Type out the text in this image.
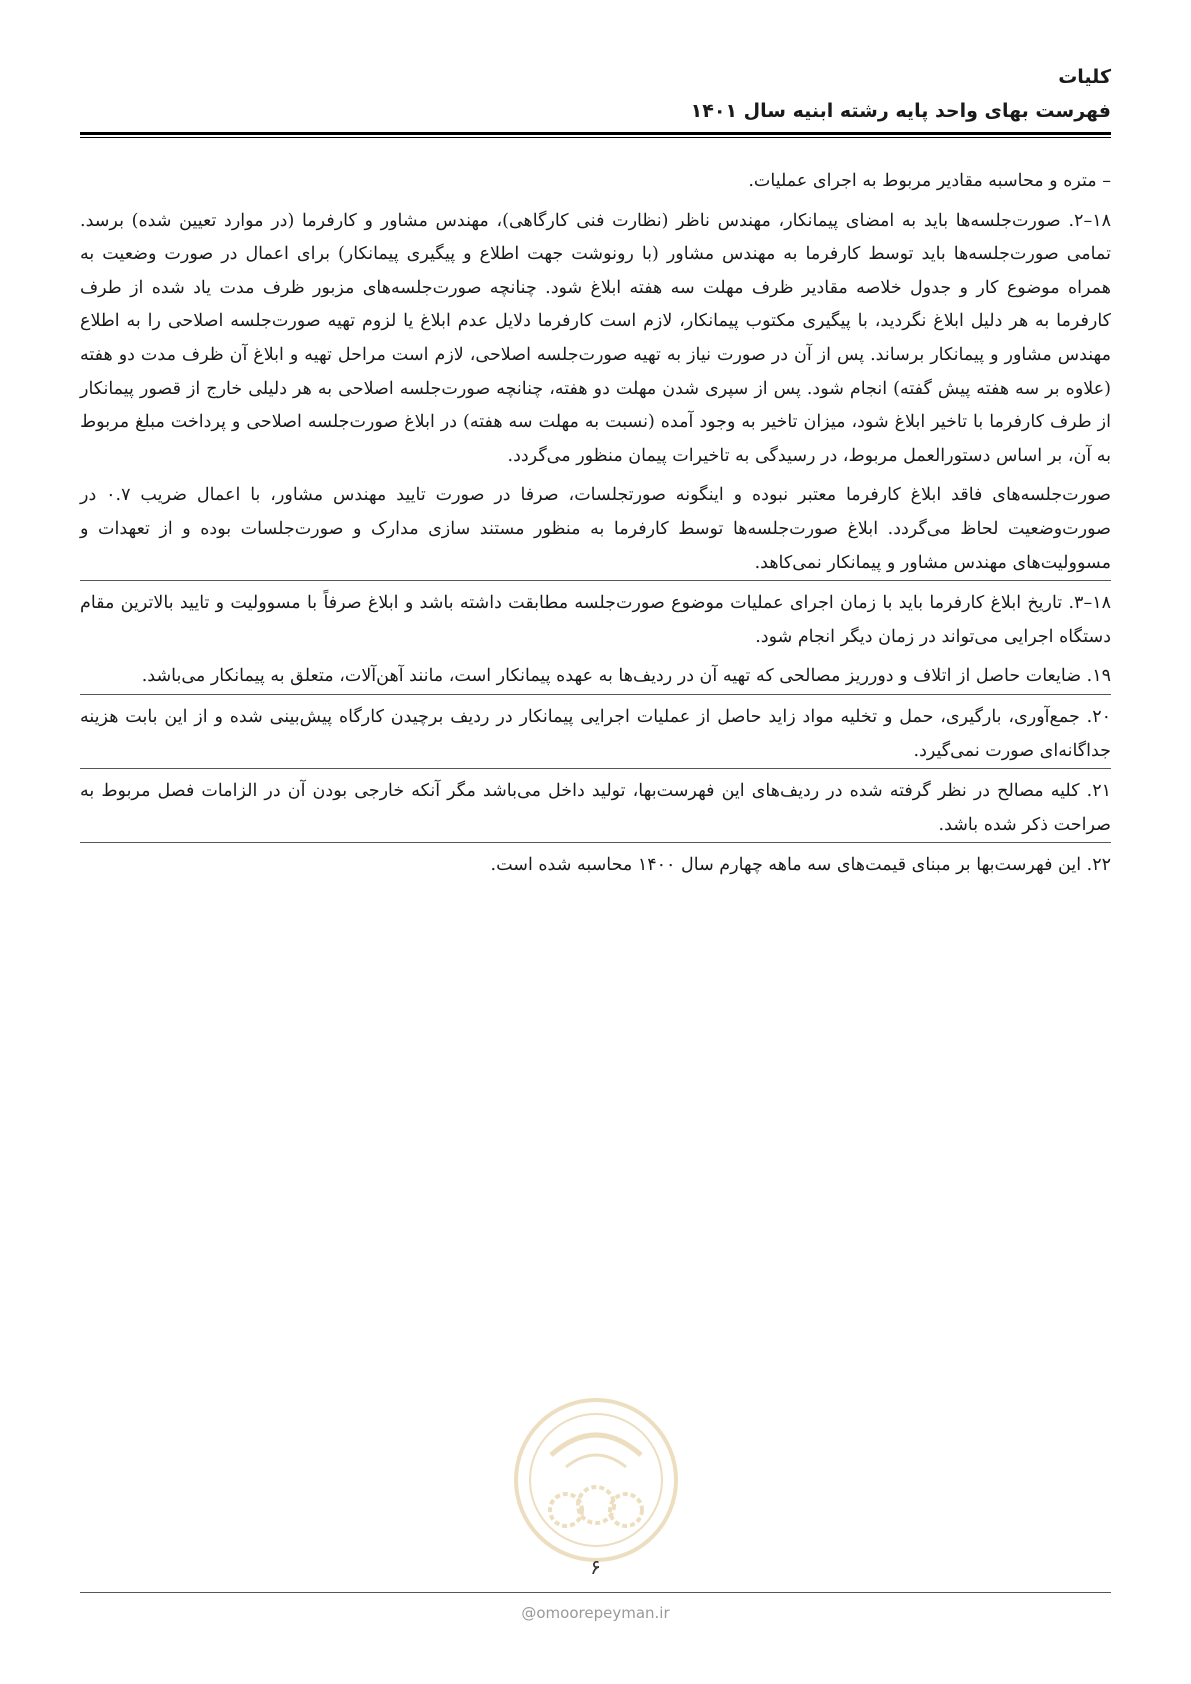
کلیات
فهرست بهای واحد پایه رشته ابنیه سال ۱۴۰۱

– متره و محاسبه مقادیر مربوط به اجرای عملیات.

۱۸–۲. صورت‌جلسه‌ها باید به امضای پیمانکار، مهندس ناظر (نظارت فنی کارگاهی)، مهندس مشاور و کارفرما (در موارد تعیین شده) برسد. تمامی صورت‌جلسه‌ها باید توسط کارفرما به مهندس مشاور (با رونوشت جهت اطلاع و پیگیری پیمانکار) برای اعمال در صورت وضعیت به همراه موضوع کار و جدول خلاصه مقادیر ظرف مهلت سه هفته ابلاغ شود. چنانچه صورت‌جلسه‌های مزبور ظرف مدت یاد شده از طرف کارفرما به هر دلیل ابلاغ نگردید، با پیگیری مکتوب پیمانکار، لازم است کارفرما دلایل عدم ابلاغ یا لزوم تهیه صورت‌جلسه اصلاحی را به اطلاع مهندس مشاور و پیمانکار برساند. پس از آن در صورت نیاز به تهیه صورت‌جلسه اصلاحی، لازم است مراحل تهیه و ابلاغ آن ظرف مدت دو هفته (علاوه بر سه هفته پیش گفته) انجام شود. پس از سپری شدن مهلت دو هفته، چنانچه صورت‌جلسه اصلاحی به هر دلیلی خارج از قصور پیمانکار از طرف کارفرما با تاخیر ابلاغ شود، میزان تاخیر به وجود آمده (نسبت به مهلت سه هفته) در ابلاغ صورت‌جلسه اصلاحی و پرداخت مبلغ مربوط به آن، بر اساس دستورالعمل مربوط، در رسیدگی به تاخیرات پیمان منظور می‌گردد.

صورت‌جلسه‌های فاقد ابلاغ کارفرما معتبر نبوده و اینگونه صورتجلسات، صرفا در صورت تایید مهندس مشاور، با اعمال ضریب ۰.۷ در صورت‌وضعیت لحاظ می‌گردد. ابلاغ صورت‌جلسه‌ها توسط کارفرما به منظور مستند سازی مدارک و صورت‌جلسات بوده و از تعهدات و مسوولیت‌های مهندس مشاور و پیمانکار نمی‌کاهد.

۱۸–۳. تاریخ ابلاغ کارفرما باید با زمان اجرای عملیات موضوع صورت‌جلسه مطابقت داشته باشد و ابلاغ صرفاً با مسوولیت و تایید بالاترین مقام دستگاه اجرایی می‌تواند در زمان دیگر انجام شود.

۱۹. ضایعات حاصل از اتلاف و دورریز مصالحی که تهیه آن در ردیف‌ها به عهده پیمانکار است، مانند آهن‌آلات، متعلق به پیمانکار می‌باشد.

۲۰. جمع‌آوری، بارگیری، حمل و تخلیه مواد زاید حاصل از عملیات اجرایی پیمانکار در ردیف برچیدن کارگاه پیش‌بینی شده و از این بابت هزینه جداگانه‌ای صورت نمی‌گیرد.

۲۱. کلیه مصالح در نظر گرفته شده در ردیف‌های این فهرست‌بها، تولید داخل می‌باشد مگر آنکه خارجی بودن آن در الزامات فصل مربوط به صراحت ذکر شده باشد.

۲۲. این فهرست‌بها بر مبنای قیمت‌های سه ماهه چهارم سال ۱۴۰۰ محاسبه شده است.

۶
@omoorepeyman.ir
